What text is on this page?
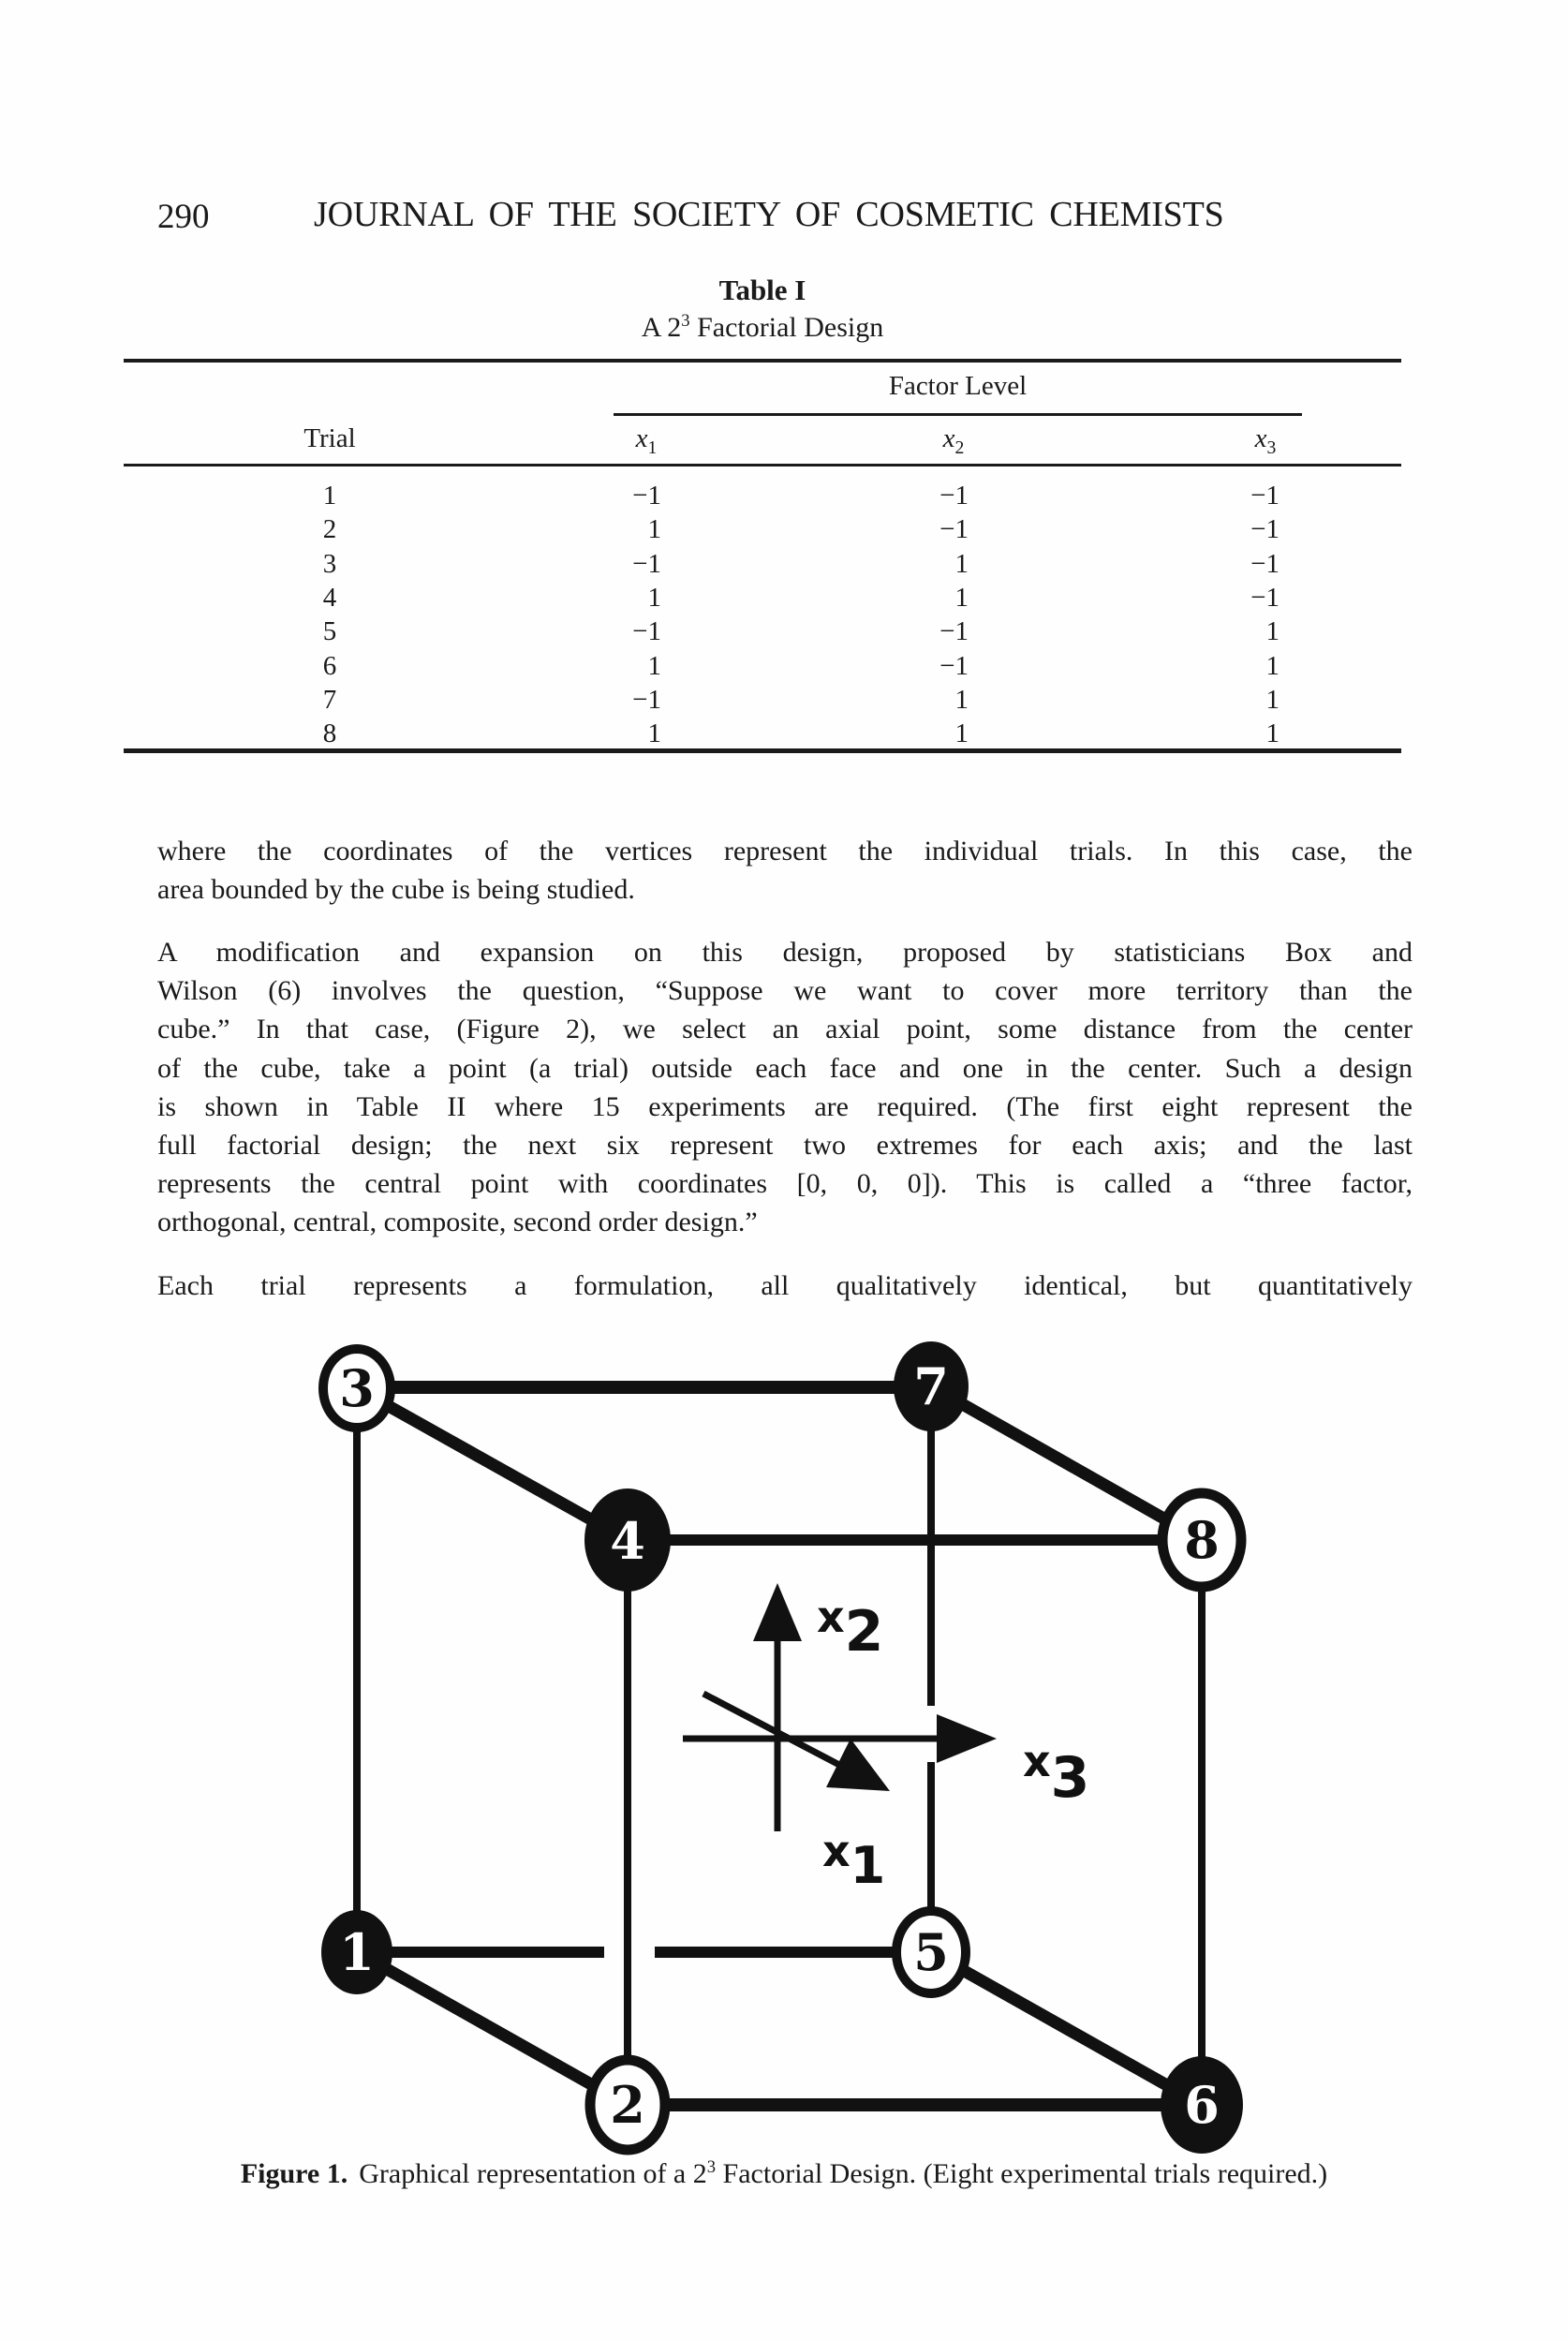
290	JOURNAL OF THE SOCIETY OF COSMETIC CHEMISTS
Table I
A $2^3$ Factorial Design
Factor Level
Trial	$x_1$	$x_2$	$x_3$
1	−1	−1	−1
2	1	−1	−1
3	−1	1	−1
4	1	1	−1
5	−1	−1	1
6	1	−1	1
7	−1	1	1
8	1	1	1
where the coordinates of the vertices represent the individual trials. In this case, the
area bounded by the cube is being studied.
A modification and expansion on this design, proposed by statisticians Box and
Wilson (6) involves the question, “Suppose we want to cover more territory than the
cube.” In that case, (Figure 2), we select an axial point, some distance from the center
of the cube, take a point (a trial) outside each face and one in the center. Such a design
is shown in Table II where 15 experiments are required. (The first eight represent the
full factorial design; the next six represent two extremes for each axis; and the last
represents the central point with coordinates [0, 0, 0]). This is called a “three factor,
orthogonal, central, composite, second order design.”
Each trial represents a formulation, all qualitatively identical, but quantitatively
x2
x3
x1
3	7
4	8
1	5
2	6
Figure 1. Graphical representation of a $2^3$ Factorial Design. (Eight experimental trials required.)
